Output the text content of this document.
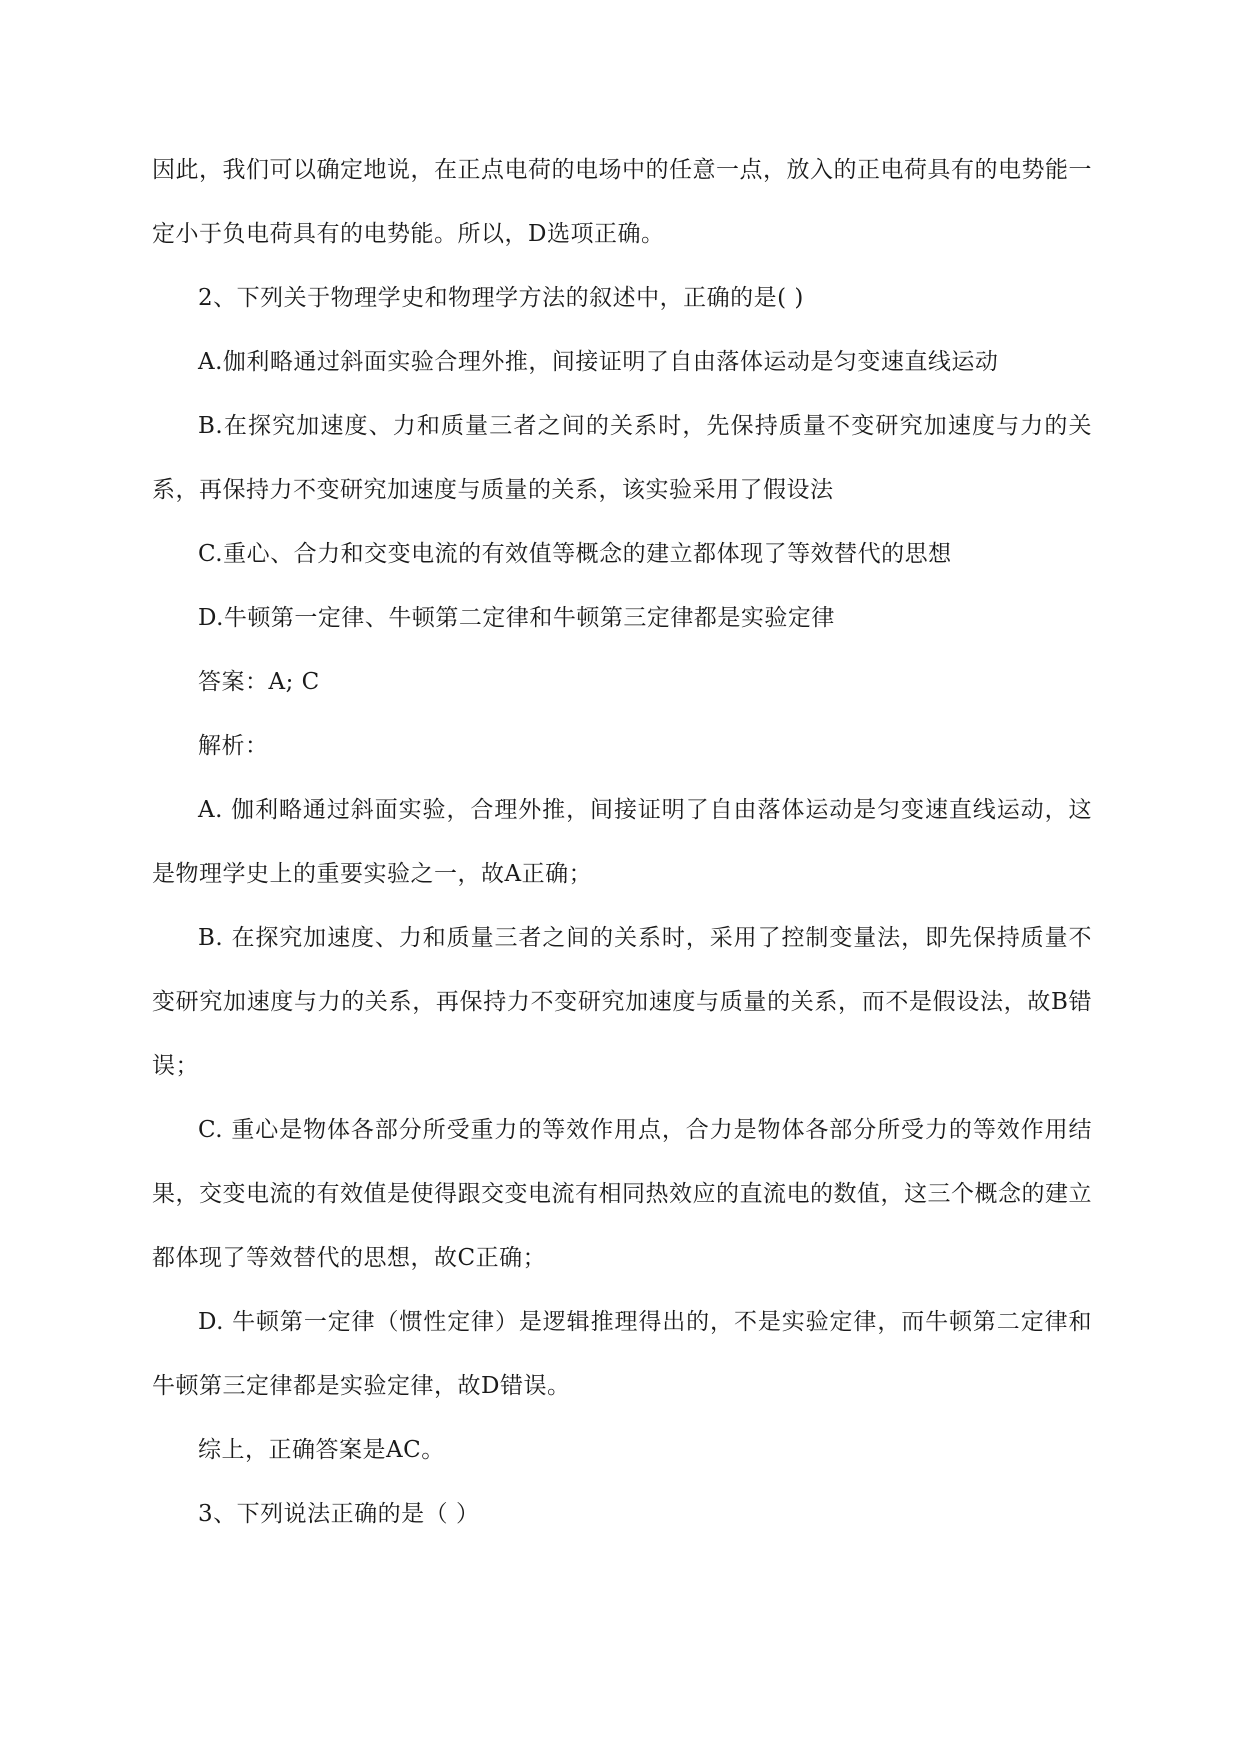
因此，我们可以确定地说，在正点电荷的电场中的任意一点，放入的正电荷具有的电势能一定小于负电荷具有的电势能。所以，D选项正确。

2、下列关于物理学史和物理学方法的叙述中，正确的是( )

A.伽利略通过斜面实验合理外推，间接证明了自由落体运动是匀变速直线运动

B.在探究加速度、力和质量三者之间的关系时，先保持质量不变研究加速度与力的关系，再保持力不变研究加速度与质量的关系，该实验采用了假设法

C.重心、合力和交变电流的有效值等概念的建立都体现了等效替代的思想

D.牛顿第一定律、牛顿第二定律和牛顿第三定律都是实验定律

答案：A; C

解析：

A. 伽利略通过斜面实验，合理外推，间接证明了自由落体运动是匀变速直线运动，这是物理学史上的重要实验之一，故A正确；

B. 在探究加速度、力和质量三者之间的关系时，采用了控制变量法，即先保持质量不变研究加速度与力的关系，再保持力不变研究加速度与质量的关系，而不是假设法，故B错误；

C. 重心是物体各部分所受重力的等效作用点，合力是物体各部分所受力的等效作用结果，交变电流的有效值是使得跟交变电流有相同热效应的直流电的数值，这三个概念的建立都体现了等效替代的思想，故C正确；

D. 牛顿第一定律（惯性定律）是逻辑推理得出的，不是实验定律，而牛顿第二定律和牛顿第三定律都是实验定律，故D错误。

综上，正确答案是AC。

3、下列说法正确的是（ ）
